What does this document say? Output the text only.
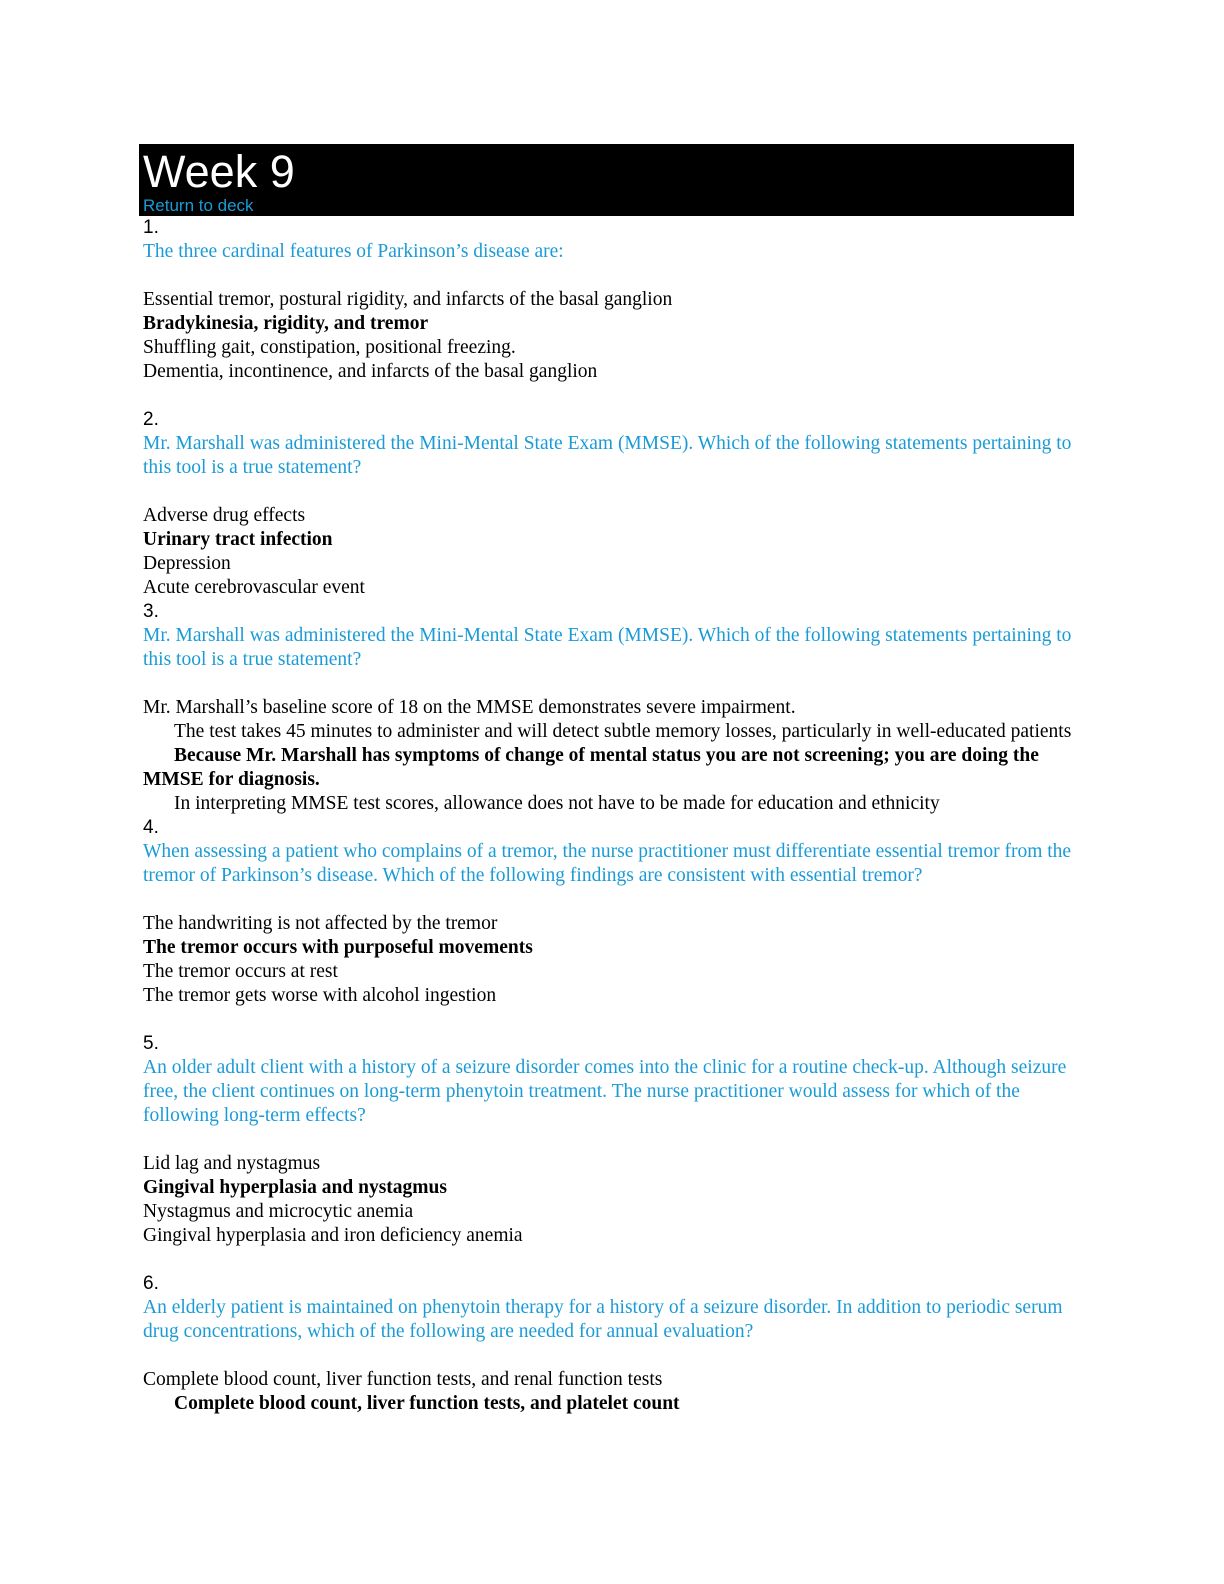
Week 9
Return to deck
1.
The three cardinal features of Parkinson’s disease are:
Essential tremor, postural rigidity, and infarcts of the basal ganglion
Bradykinesia, rigidity, and tremor
Shuffling gait, constipation, positional freezing.
Dementia, incontinence, and infarcts of the basal ganglion
2.
Mr. Marshall was administered the Mini-Mental State Exam (MMSE). Which of the following statements pertaining to this tool is a true statement?
Adverse drug effects
Urinary tract infection
Depression
Acute cerebrovascular event
3.
Mr. Marshall was administered the Mini-Mental State Exam (MMSE). Which of the following statements pertaining to this tool is a true statement?
Mr. Marshall’s baseline score of 18 on the MMSE demonstrates severe impairment.
The test takes 45 minutes to administer and will detect subtle memory losses, particularly in well-educated patients
Because Mr. Marshall has symptoms of change of mental status you are not screening; you are doing the MMSE for diagnosis.
In interpreting MMSE test scores, allowance does not have to be made for education and ethnicity
4.
When assessing a patient who complains of a tremor, the nurse practitioner must differentiate essential tremor from the tremor of Parkinson’s disease. Which of the following findings are consistent with essential tremor?
The handwriting is not affected by the tremor
The tremor occurs with purposeful movements
The tremor occurs at rest
The tremor gets worse with alcohol ingestion
5.
An older adult client with a history of a seizure disorder comes into the clinic for a routine check-up. Although seizure free, the client continues on long-term phenytoin treatment. The nurse practitioner would assess for which of the following long-term effects?
Lid lag and nystagmus
Gingival hyperplasia and nystagmus
Nystagmus and microcytic anemia
Gingival hyperplasia and iron deficiency anemia
6.
An elderly patient is maintained on phenytoin therapy for a history of a seizure disorder. In addition to periodic serum drug concentrations, which of the following are needed for annual evaluation?
Complete blood count, liver function tests, and renal function tests
Complete blood count, liver function tests, and platelet count
